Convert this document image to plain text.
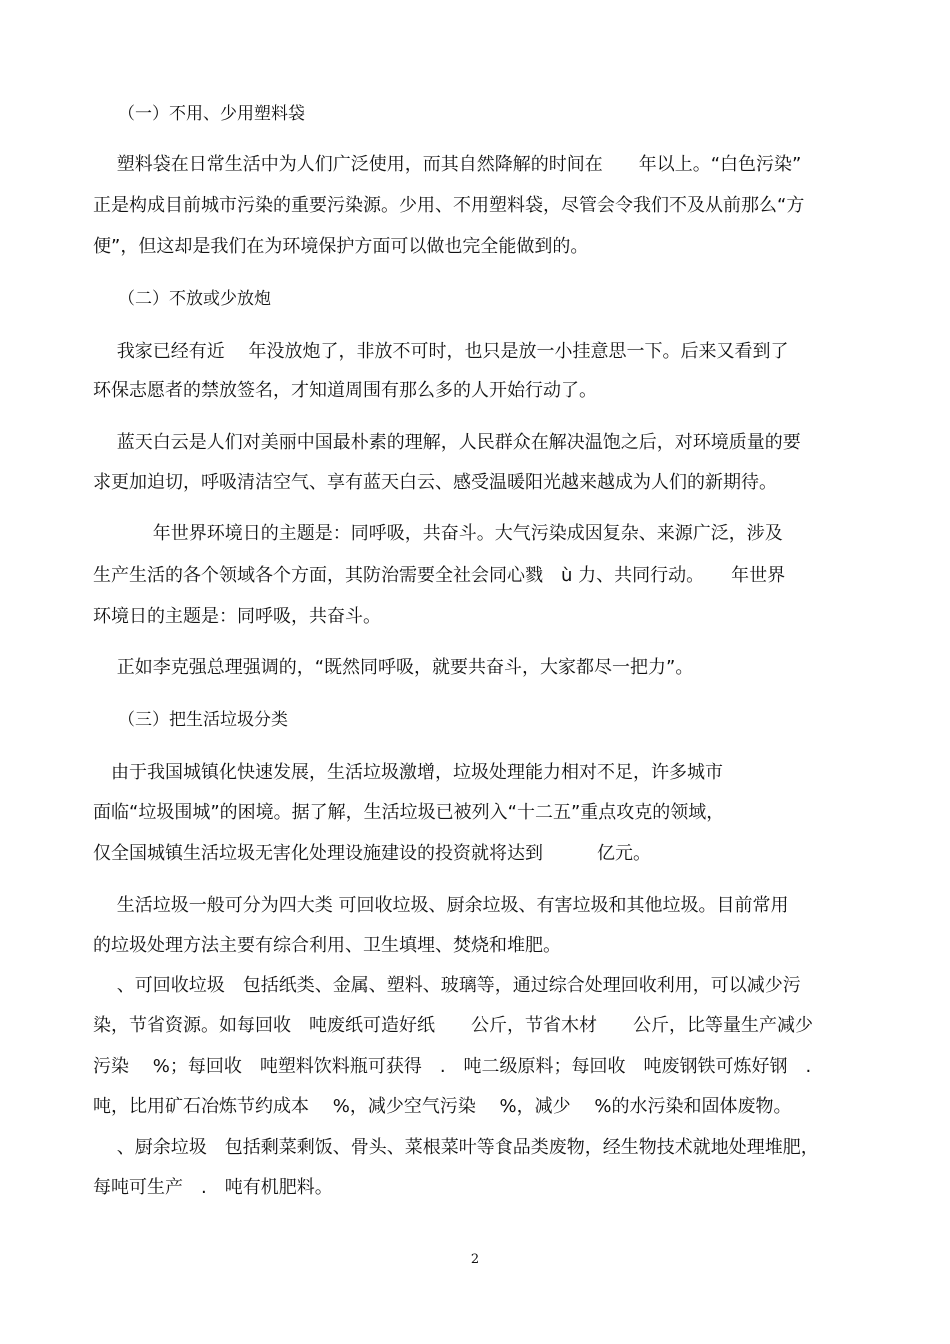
（一）不用、少用塑料袋

　 塑料袋在日常生活中为人们广泛使用，而其自然降解的时间在　　年以上。“白色污染”

正是构成目前城市污染的重要污染源。少用、不用塑料袋，尽管会令我们不及从前那么“方

便”，但这却是我们在为环境保护方面可以做也完全能做到的。

（二）不放或少放炮

　 我家已经有近　 年没放炮了，非放不可时，也只是放一小挂意思一下。后来又看到了

环保志愿者的禁放签名，才知道周围有那么多的人开始行动了。

　 蓝天白云是人们对美丽中国最朴素的理解，人民群众在解决温饱之后，对环境质量的要

求更加迫切，呼吸清洁空气、享有蓝天白云、感受温暖阳光越来越成为人们的新期待。

　　　 年世界环境日的主题是：同呼吸，共奋斗。大气污染成因复杂、来源广泛，涉及

生产生活的各个领域各个方面，其防治需要全社会同心戮　ù 力、共同行动。　　年世界

环境日的主题是：同呼吸，共奋斗。

　 正如李克强总理强调的，“既然同呼吸，就要共奋斗，大家都尽一把力”。

（三）把生活垃圾分类

　由于我国城镇化快速发展，生活垃圾激增，垃圾处理能力相对不足，许多城市

面临“垃圾围城”的困境。据了解，生活垃圾已被列入“十二五”重点攻克的领域，

仅全国城镇生活垃圾无害化处理设施建设的投资就将达到　　　亿元。

　 生活垃圾一般可分为四大类 可回收垃圾、厨余垃圾、有害垃圾和其他垃圾。目前常用

的垃圾处理方法主要有综合利用、卫生填埋、焚烧和堆肥。

　 、可回收垃圾　包括纸类、金属、塑料、玻璃等，通过综合处理回收利用，可以减少污

染，节省资源。如每回收　吨废纸可造好纸　　公斤，节省木材　　公斤，比等量生产减少

污染　 %；每回收　吨塑料饮料瓶可获得　.　吨二级原料；每回收　吨废钢铁可炼好钢　.

吨，比用矿石冶炼节约成本　 %，减少空气污染　 %，减少　 %的水污染和固体废物。

　 、厨余垃圾　包括剩菜剩饭、骨头、菜根菜叶等食品类废物，经生物技术就地处理堆肥，

每吨可生产　.　吨有机肥料。

2
